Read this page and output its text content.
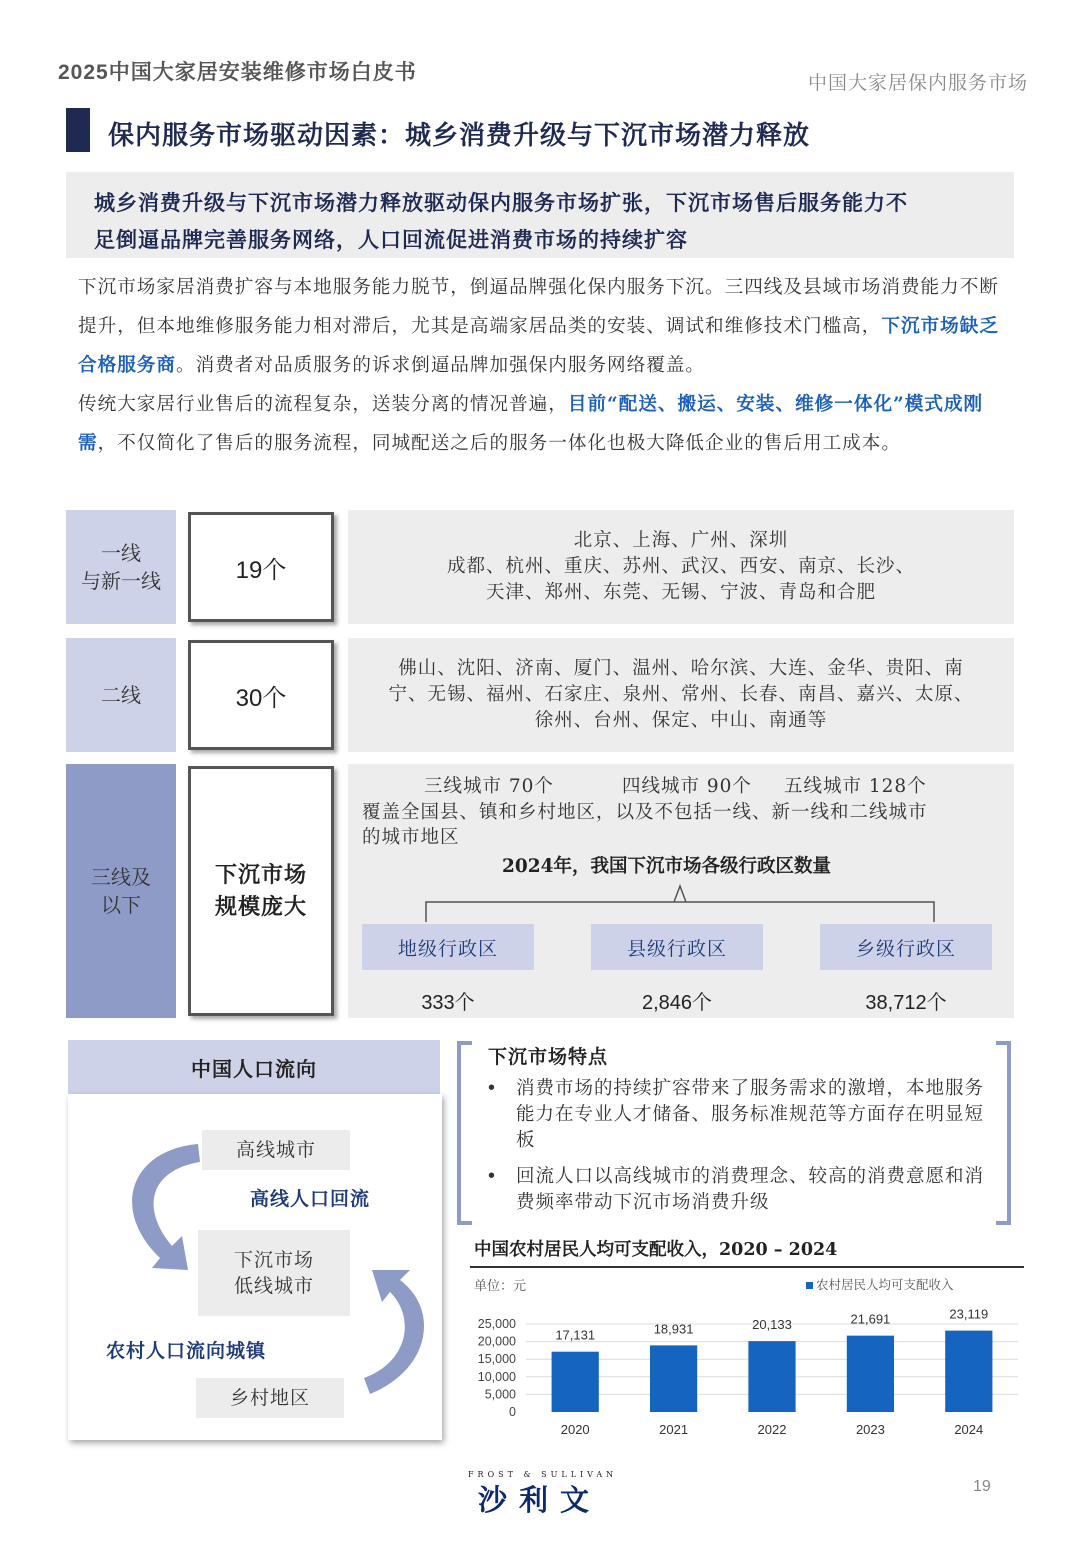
2025中国大家居安装维修市场白皮书	中国大家居保内服务市场
保内服务市场驱动因素：城乡消费升级与下沉市场潜力释放
城乡消费升级与下沉市场潜力释放驱动保内服务市场扩张，下沉市场售后服务能力不
足倒逼品牌完善服务网络，人口回流促进消费市场的持续扩容
下沉市场家居消费扩容与本地服务能力脱节，倒逼品牌强化保内服务下沉。三四线及县域市场消费能力不断提升，但本地维修服务能力相对滞后，尤其是高端家居品类的安装、调试和维修技术门槛高，下沉市场缺乏合格服务商。消费者对品质服务的诉求倒逼品牌加强保内服务网络覆盖。
传统大家居行业售后的流程复杂，送装分离的情况普遍，目前“配送、搬运、安装、维修一体化”模式成刚需，不仅简化了售后的服务流程，同城配送之后的服务一体化也极大降低企业的售后用工成本。
一线
与新一线	19个
北京、上海、广州、深圳
成都、杭州、重庆、苏州、武汉、西安、南京、长沙、
天津、郑州、东莞、无锡、宁波、青岛和合肥
二线	30个
佛山、沈阳、济南、厦门、温州、哈尔滨、大连、金华、贵阳、南
宁、无锡、福州、石家庄、泉州、常州、长春、南昌、嘉兴、太原、
徐州、台州、保定、中山、南通等
三线及
以下
下沉市场
规模庞大
三线城市 70个	四线城市 90个 五线城市 128个
覆盖全国县、镇和乡村地区，以及不包括一线、新一线和二线城市
的城市地区
2024年，我国下沉市场各级行政区数量
地级行政区	县级行政区	乡级行政区
333个	2,846个	38,712个
中国人口流向
高线城市
高线人口回流
下沉市场
低线城市
农村人口流向城镇
乡村地区
下沉市场特点
• 消费市场的持续扩容带来了服务需求的激增，本地服务能力在专业人才储备、服务标准规范等方面存在明显短板
• 回流人口以高线城市的消费理念、较高的消费意愿和消费频率带动下沉市场消费升级
中国农村居民人均可支配收入，2020 – 2024
单位：元	农村居民人均可支配收入
0
5,000
10,000
15,000
20,000
25,000
17,131
2020
18,931
2021
20,133
2022
21,691
2023
23,119
2024
FROST & SULLIVAN
沙利文	19
